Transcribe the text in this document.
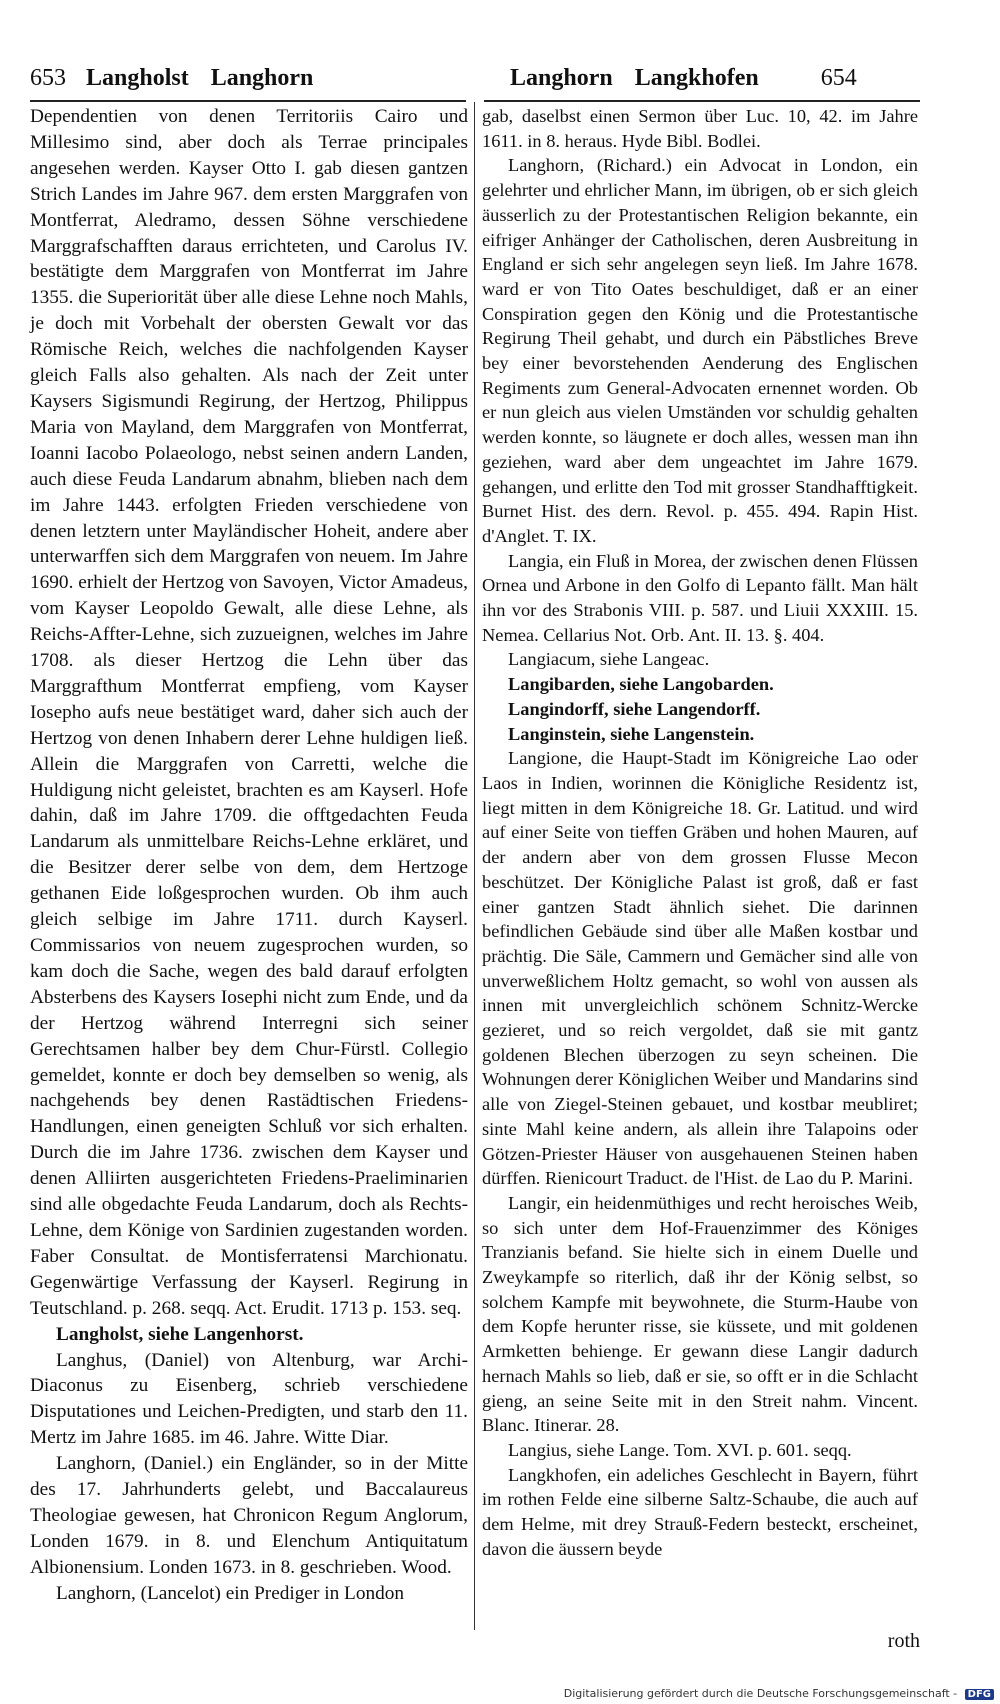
653 Langholst Langhorn	Langhorn Langkhofen	654

Dependentien von denen Territoriis Cairo und Millesimo sind, aber doch als Terrae principales angesehen werden. Kayser Otto I. gab diesen gantzen Strich Landes im Jahre 967. dem ersten Marggrafen von Montferrat, Aledramo, dessen Söhne verschiedene Marggrafschafften daraus errichteten, und Carolus IV. bestätigte dem Marggrafen von Montferrat im Jahre 1355. die Superiorität über alle diese Lehne noch Mahls, je doch mit Vorbehalt der obersten Gewalt vor das Römische Reich, welches die nachfolgenden Kayser gleich Falls also gehalten. Als nach der Zeit unter Kaysers Sigismundi Regirung, der Hertzog, Philippus Maria von Mayland, dem Marggrafen von Montferrat, Ioanni Iacobo Polaeologo, nebst seinen andern Landen, auch diese Feuda Landarum abnahm, blieben nach dem im Jahre 1443. erfolgten Frieden verschiedene von denen letztern unter Mayländischer Hoheit, andere aber unterwarffen sich dem Marggrafen von neuem. Im Jahre 1690. erhielt der Hertzog von Savoyen, Victor Amadeus, vom Kayser Leopoldo Gewalt, alle diese Lehne, als Reichs-Affter-Lehne, sich zuzueignen, welches im Jahre 1708. als dieser Hertzog die Lehn über das Marggrafthum Montferrat empfieng, vom Kayser Iosepho aufs neue bestätiget ward, daher sich auch der Hertzog von denen Inhabern derer Lehne huldigen ließ. Allein die Marggrafen von Carretti, welche die Huldigung nicht geleistet, brachten es am Kayserl. Hofe dahin, daß im Jahre 1709. die offtgedachten Feuda Landarum als unmittelbare Reichs-Lehne erkläret, und die Besitzer derer selbe von dem, dem Hertzoge gethanen Eide loßgesprochen wurden. Ob ihm auch gleich selbige im Jahre 1711. durch Kayserl. Commissarios von neuem zugesprochen wurden, so kam doch die Sache, wegen des bald darauf erfolgten Absterbens des Kaysers Iosephi nicht zum Ende, und da der Hertzog während Interregni sich seiner Gerechtsamen halber bey dem Chur-Fürstl. Collegio gemeldet, konnte er doch bey demselben so wenig, als nachgehends bey denen Rastädtischen Friedens-Handlungen, einen geneigten Schluß vor sich erhalten. Durch die im Jahre 1736. zwischen dem Kayser und denen Alliirten ausgerichteten Friedens-Praeliminarien sind alle obgedachte Feuda Landarum, doch als Rechts-Lehne, dem Könige von Sardinien zugestanden worden. Faber Consultat. de Montisferratensi Marchionatu. Gegenwärtige Verfassung der Kayserl. Regirung in Teutschland. p. 268. seqq. Act. Erudit. 1713 p. 153. seq.

Langholst, siehe Langenhorst.

Langhus, (Daniel) von Altenburg, war Archi-Diaconus zu Eisenberg, schrieb verschiedene Disputationes und Leichen-Predigten, und starb den 11. Mertz im Jahre 1685. im 46. Jahre. Witte Diar.

Langhorn, (Daniel.) ein Engländer, so in der Mitte des 17. Jahrhunderts gelebt, und Baccalaureus Theologiae gewesen, hat Chronicon Regum Anglorum, Londen 1679. in 8. und Elenchum Antiquitatum Albionensium. Londen 1673. in 8. geschrieben. Wood.

Langhorn, (Lancelot) ein Prediger in London

gab, daselbst einen Sermon über Luc. 10, 42. im Jahre 1611. in 8. heraus. Hyde Bibl. Bodlei.

Langhorn, (Richard.) ein Advocat in London, ein gelehrter und ehrlicher Mann, im übrigen, ob er sich gleich äusserlich zu der Protestantischen Religion bekannte, ein eifriger Anhänger der Catholischen, deren Ausbreitung in England er sich sehr angelegen seyn ließ. Im Jahre 1678. ward er von Tito Oates beschuldiget, daß er an einer Conspiration gegen den König und die Protestantische Regirung Theil gehabt, und durch ein Päbstliches Breve bey einer bevorstehenden Aenderung des Englischen Regiments zum General-Advocaten ernennet worden. Ob er nun gleich aus vielen Umständen vor schuldig gehalten werden konnte, so läugnete er doch alles, wessen man ihn geziehen, ward aber dem ungeachtet im Jahre 1679. gehangen, und erlitte den Tod mit grosser Standhafftigkeit. Burnet Hist. des dern. Revol. p. 455. 494. Rapin Hist. d'Anglet. T. IX.

Langia, ein Fluß in Morea, der zwischen denen Flüssen Ornea und Arbone in den Golfo di Lepanto fällt. Man hält ihn vor des Strabonis VIII. p. 587. und Liuii XXXIII. 15. Nemea. Cellarius Not. Orb. Ant. II. 13. §. 404.

Langiacum, siehe Langeac.

Langibarden, siehe Langobarden.

Langindorff, siehe Langendorff.

Langinstein, siehe Langenstein.

Langione, die Haupt-Stadt im Königreiche Lao oder Laos in Indien, worinnen die Königliche Residentz ist, liegt mitten in dem Königreiche 18. Gr. Latitud. und wird auf einer Seite von tieffen Gräben und hohen Mauren, auf der andern aber von dem grossen Flusse Mecon beschützet. Der Königliche Palast ist groß, daß er fast einer gantzen Stadt ähnlich siehet. Die darinnen befindlichen Gebäude sind über alle Maßen kostbar und prächtig. Die Säle, Cammern und Gemächer sind alle von unverweßlichem Holtz gemacht, so wohl von aussen als innen mit unvergleichlich schönem Schnitz-Wercke gezieret, und so reich vergoldet, daß sie mit gantz goldenen Blechen überzogen zu seyn scheinen. Die Wohnungen derer Königlichen Weiber und Mandarins sind alle von Ziegel-Steinen gebauet, und kostbar meubliret; sinte Mahl keine andern, als allein ihre Talapoins oder Götzen-Priester Häuser von ausgehauenen Steinen haben dürffen. Rienicourt Traduct. de l'Hist. de Lao du P. Marini.

Langir, ein heidenmüthiges und recht heroisches Weib, so sich unter dem Hof-Frauenzimmer des Königes Tranzianis befand. Sie hielte sich in einem Duelle und Zweykampfe so riterlich, daß ihr der König selbst, so solchem Kampfe mit beywohnete, die Sturm-Haube von dem Kopfe herunter risse, sie küssete, und mit goldenen Armketten behienge. Er gewann diese Langir dadurch hernach Mahls so lieb, daß er sie, so offt er in die Schlacht gieng, an seine Seite mit in den Streit nahm. Vincent. Blanc. Itinerar. 28.

Langius, siehe Lange. Tom. XVI. p. 601. seqq.

Langkhofen, ein adeliches Geschlecht in Bayern, führt im rothen Felde eine silberne Saltz-Schaube, die auch auf dem Helme, mit drey Strauß-Federn besteckt, erscheinet, davon die äussern beyde

roth
Digitalisierung gefördert durch die Deutsche Forschungsgemeinschaft - DFG
